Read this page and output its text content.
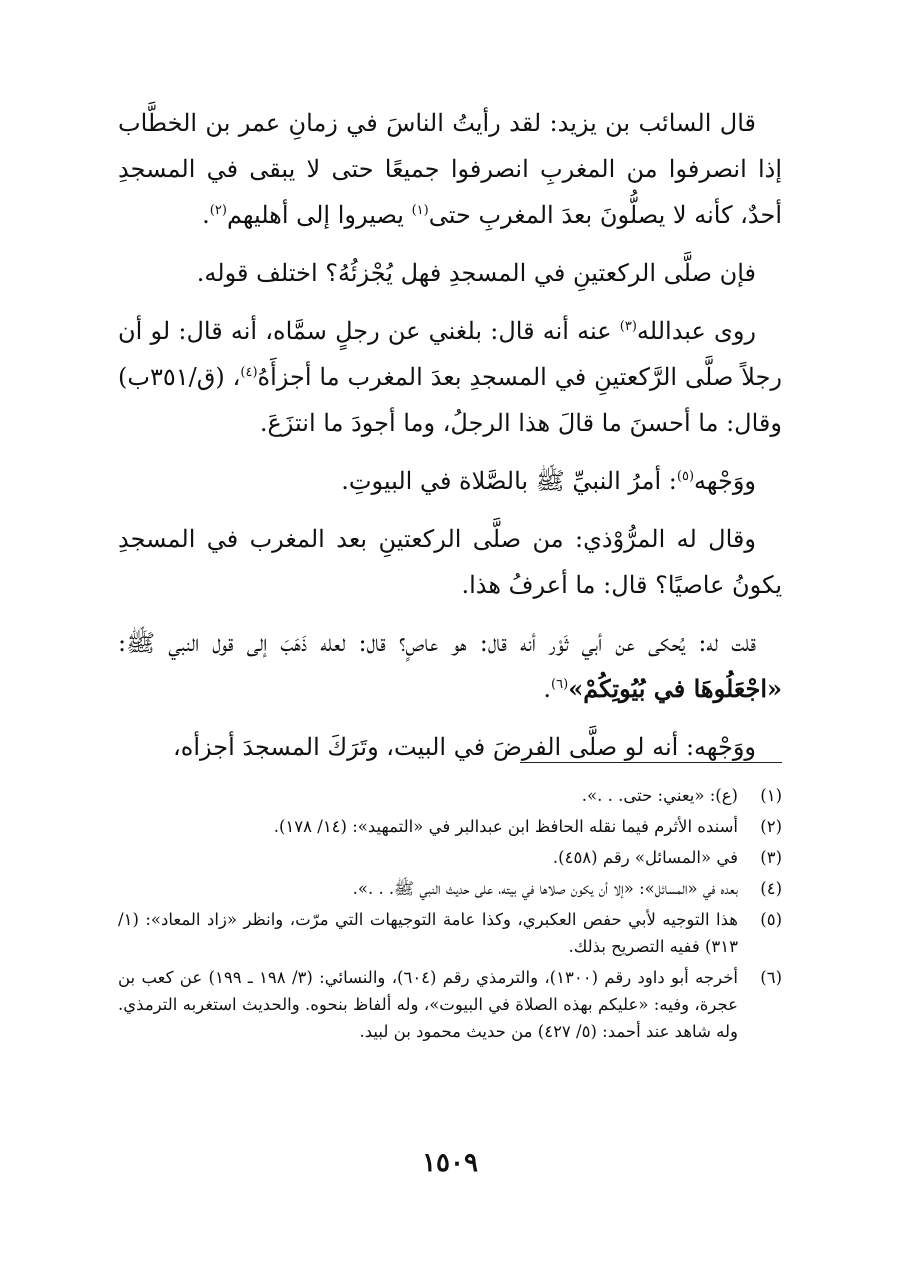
قال السائب بن يزيد: لقد رأيتُ الناسَ في زمانِ عمر بن الخطَّاب إذا انصرفوا من المغربِ انصرفوا جميعًا حتى لا يبقى في المسجدِ أحدٌ، كأنه لا يصلُّونَ بعدَ المغربِ حتى$^{(١)}$ يصيروا إلى أهليهم$^{(٢)}$.

فإن صلَّى الركعتينِ في المسجدِ فهل يُجْزئُهُ؟ اختلف قوله.

روى عبدالله$^{(٣)}$ عنه أنه قال: بلغني عن رجلٍ سمَّاه، أنه قال: لو أن رجلاً صلَّى الرَّكعتينِ في المسجدِ بعدَ المغرب ما أجزأَهُ$^{(٤)}$، (ق/٣٥١ب) وقال: ما أحسنَ ما قالَ هذا الرجلُ، وما أجودَ ما انتزَعَ.

ووَجْهه$^{(٥)}$: أمرُ النبيِّ ﷺ بالصَّلاة في البيوتِ.

وقال له المرُّوْذي: من صلَّى الركعتينِ بعد المغرب في المسجدِ يكونُ عاصيًا؟ قال: ما أعرفُ هذا.

قلت له: يُحكى عن أبي ثَوْر أنه قال: هو عاصٍ؟ قال: لعله ذَهَبَ إلى قول النبي ﷺ: «اجْعَلُوهَا في بُيُوتِكُمْ»$^{(٦)}$.

ووَجْهه: أنه لو صلَّى الفرضَ في البيت، وتَرَكَ المسجدَ أجزأه،

(١)
(ع): «يعني: حتى. . .».
(٢)
أسنده الأثرم فيما نقله الحافظ ابن عبدالبر في «التمهيد»: (١٤/ ١٧٨).
(٣)
في «المسائل» رقم (٤٥٨).
(٤)
بعده في «المسائل»: «إلا أن يكون صلاها في بيته، على حديث النبي ﷺ. . .».
(٥)
هذا التوجيه لأبي حفص العكبري، وكذا عامة التوجيهات التي مرّت، وانظر «زاد المعاد»: (١/ ٣١٣) ففيه التصريح بذلك.
(٦)
أخرجه أبو داود رقم (١٣٠٠)، والترمذي رقم (٦٠٤)، والنسائي: (٣/ ١٩٨ ـ ١٩٩) عن كعب بن عجرة، وفيه: «عليكم بهذه الصلاة في البيوت»، وله ألفاظ بنحوه. والحديث استغربه الترمذي. وله شاهد عند أحمد: (٥/ ٤٢٧) من حديث محمود بن لبيد.
١٥٠٩
